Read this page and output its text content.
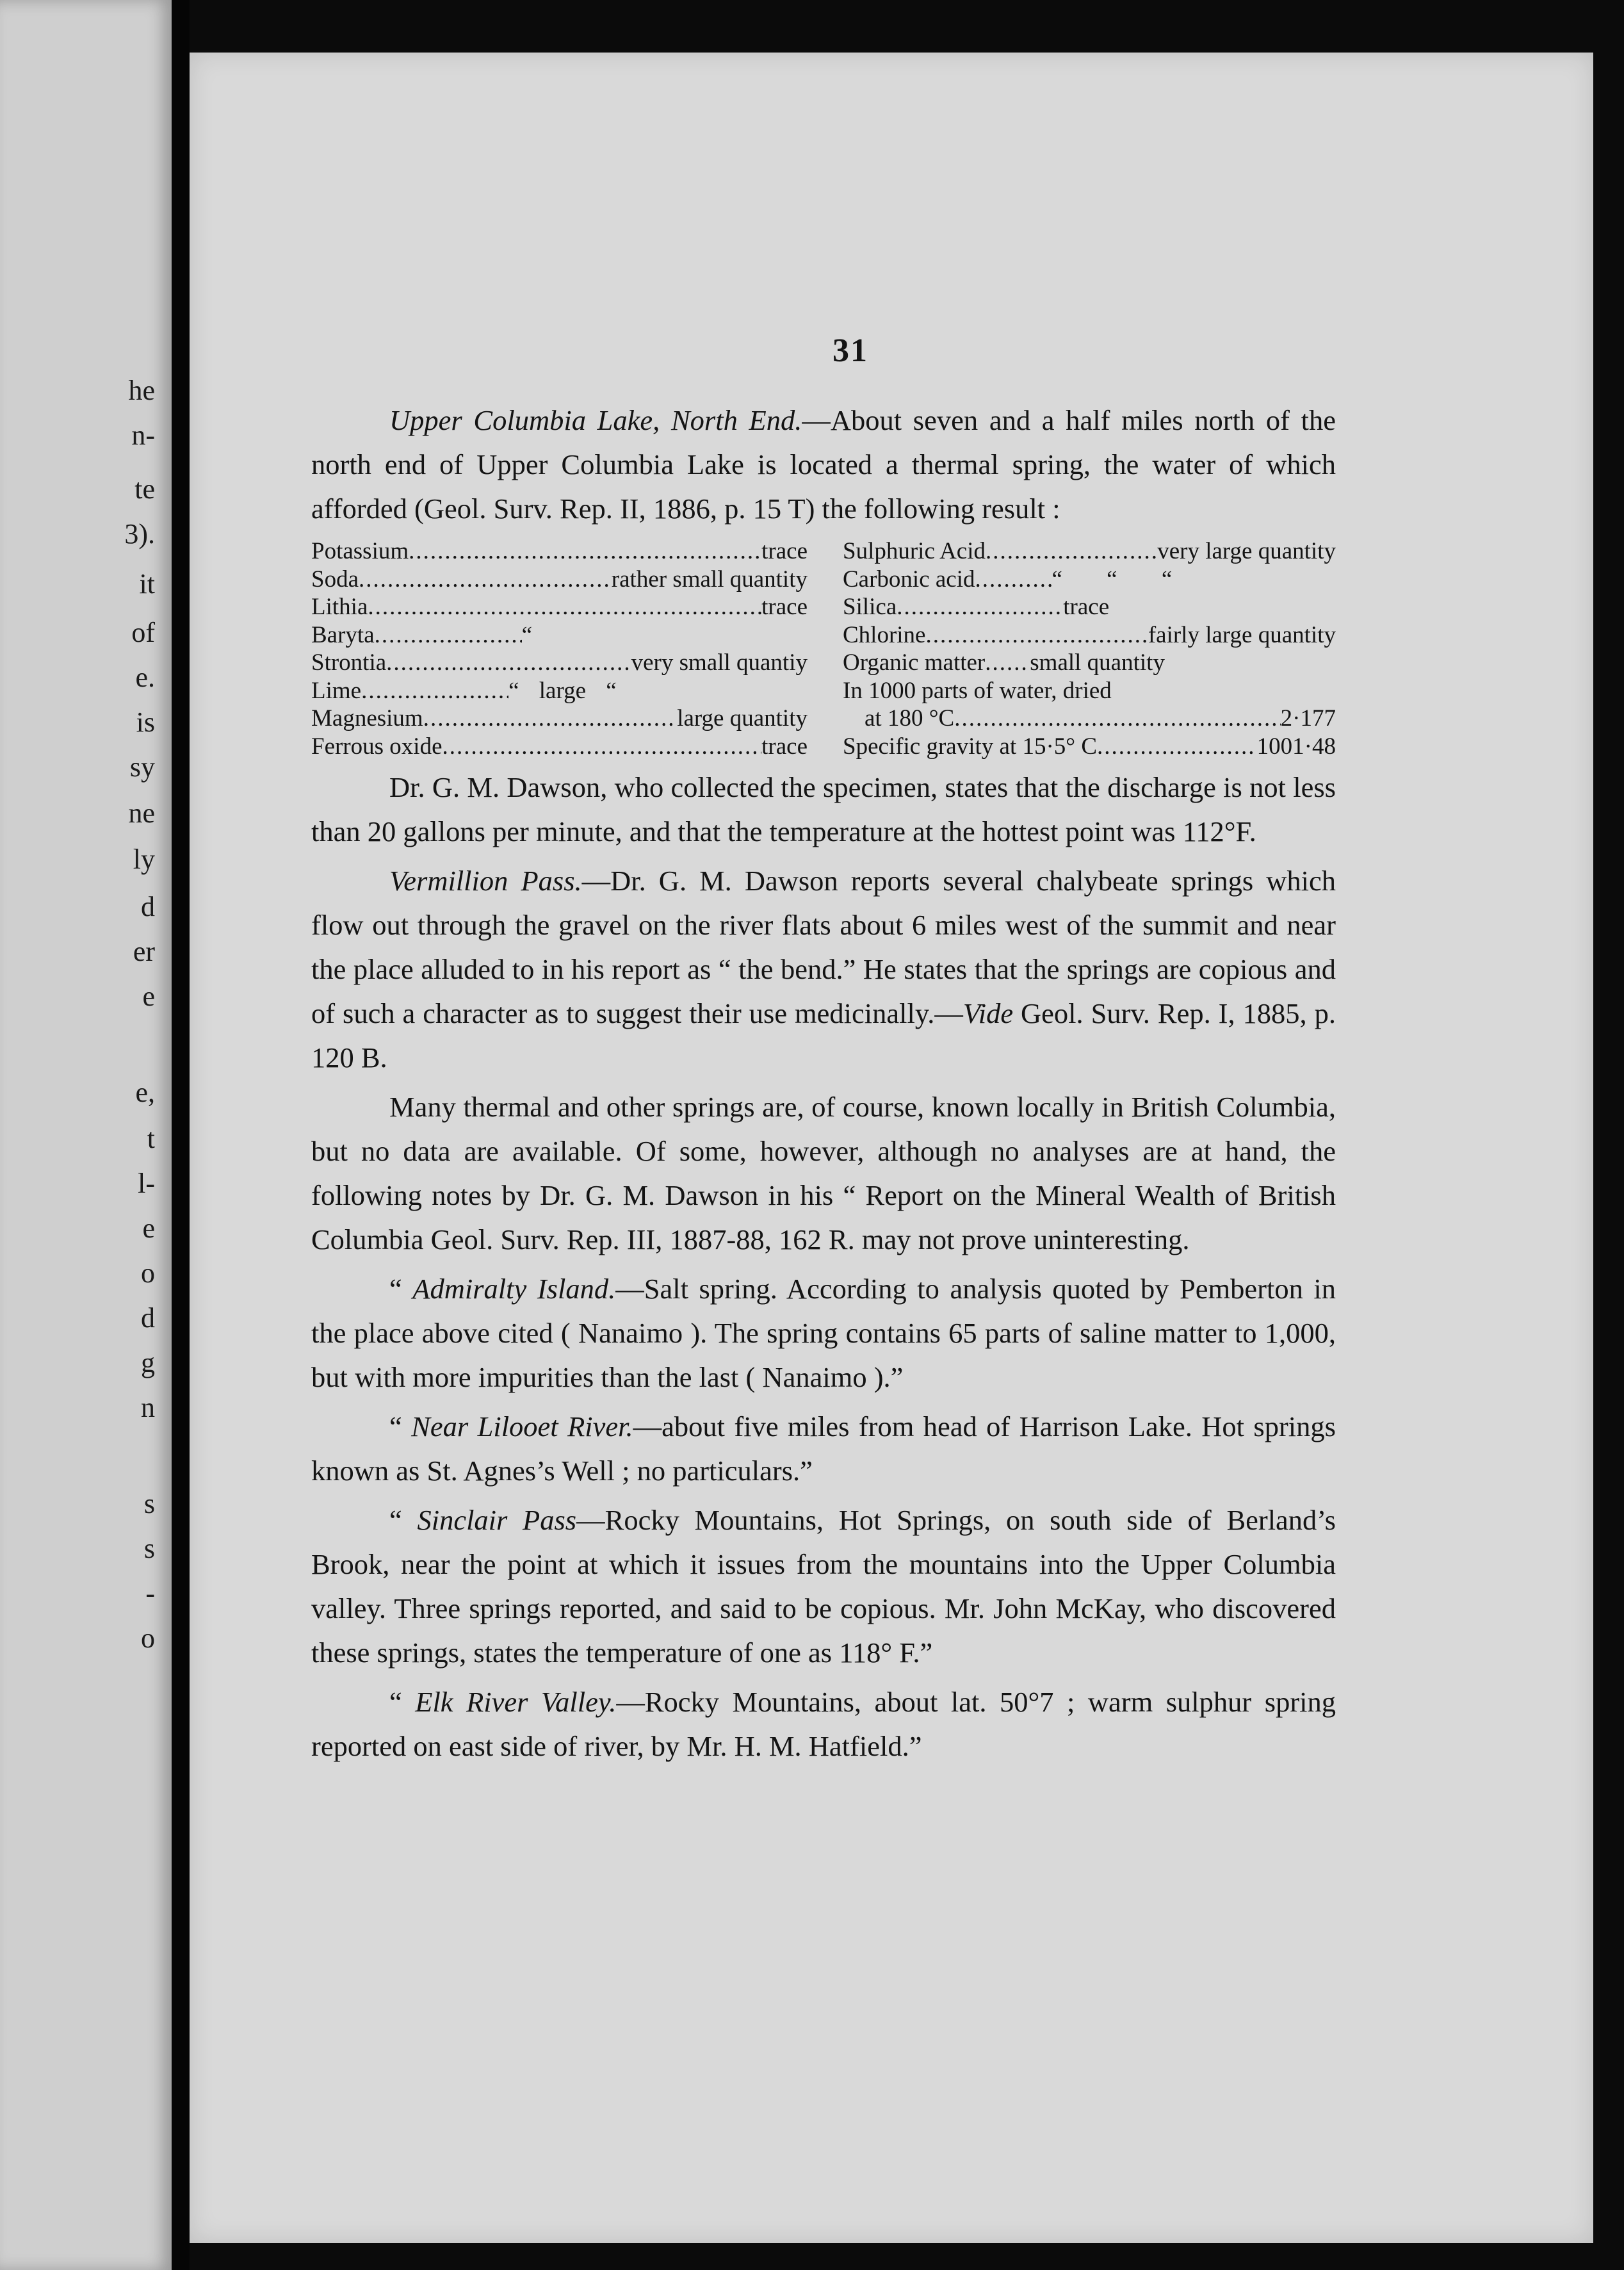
he
n-
te
3).
it
of
e.
is
sy
ne
ly
d
er
e
e,
t
l-
e
o
d
g
n
s
s
-
o
31

Upper Columbia Lake, North End.—About seven and a half miles north of the north end of Upper Columbia Lake is located a thermal spring, the water of which afforded (Geol. Surv. Rep. II, 1886, p. 15 T) the following result :

Potassium .....	trace
Soda .....	rather small quantity
Lithia .....	trace
Baryta .....	“
Strontia .....	very small quantiy
Lime .....	“ large “
Magnesium .....	large quantity
Ferrous oxide .....	trace
Sulphuric Acid .....	very large quantity
Carbonic acid .....	“ “ “
Silica .....	trace
Chlorine .....	fairly large quantity
Organic matter ..... small quantity
In 1000 parts of water, dried
at 180 °C .....	2·177
Specific gravity at 15·5° C .....	1001·48

Dr. G. M. Dawson, who collected the specimen, states that the discharge is not less than 20 gallons per minute, and that the temperature at the hottest point was 112°F.

Vermillion Pass.—Dr. G. M. Dawson reports several chalybeate springs which flow out through the gravel on the river flats about 6 miles west of the summit and near the place alluded to in his report as “ the bend.” He states that the springs are copious and of such a character as to suggest their use medicinally.—Vide Geol. Surv. Rep. I, 1885, p. 120 B.

Many thermal and other springs are, of course, known locally in British Columbia, but no data are available. Of some, however, although no analyses are at hand, the following notes by Dr. G. M. Dawson in his “ Report on the Mineral Wealth of British Columbia Geol. Surv. Rep. III, 1887-88, 162 R. may not prove uninteresting.

“ Admiralty Island.—Salt spring. According to analysis quoted by Pemberton in the place above cited ( Nanaimo ). The spring contains 65 parts of saline matter to 1,000, but with more impurities than the last ( Nanaimo ).”

“ Near Lilooet River.—about five miles from head of Harrison Lake. Hot springs known as St. Agnes’s Well ; no particulars.”

“ Sinclair Pass—Rocky Mountains, Hot Springs, on south side of Berland’s Brook, near the point at which it issues from the mountains into the Upper Columbia valley. Three springs reported, and said to be copious. Mr. John McKay, who discovered these springs, states the temperature of one as 118° F.”

“ Elk River Valley.—Rocky Mountains, about lat. 50°7 ; warm sulphur spring reported on east side of river, by Mr. H. M. Hatfield.”
